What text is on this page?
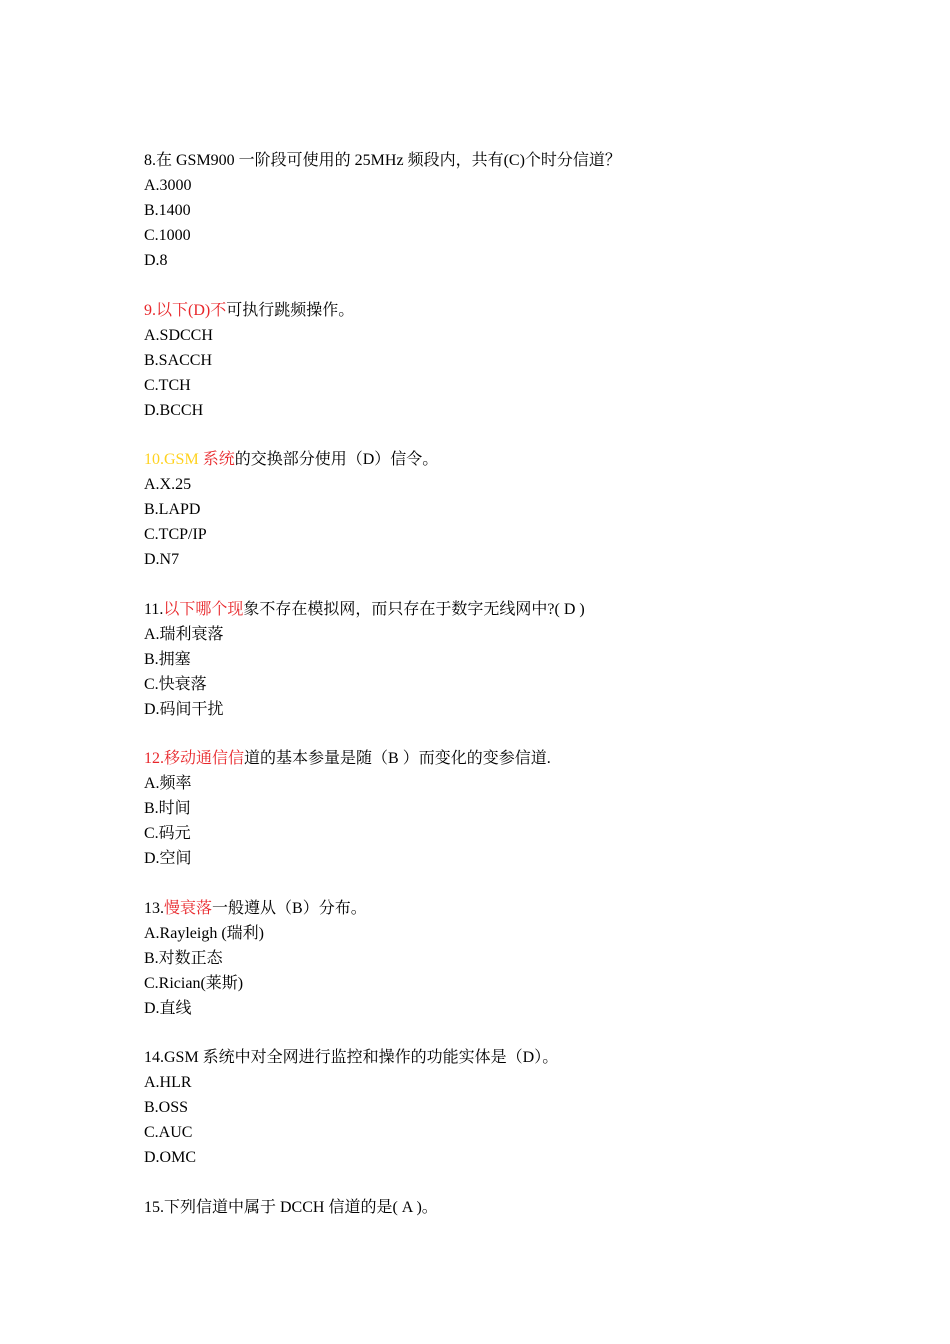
8.在 GSM900 一阶段可使用的 25MHz 频段内，共有(C)个时分信道？
A.3000
B.1400
C.1000
D.8
9.以下(D)不可执行跳频操作。
A.SDCCH
B.SACCH
C.TCH
D.BCCH
10.GSM 系统的交换部分使用（D）信令。
A.X.25
B.LAPD
C.TCP/IP
D.N7
11.以下哪个现象不存在模拟网，而只存在于数字无线网中?( D )
A.瑞利衰落
B.拥塞
C.快衰落
D.码间干扰
12.移动通信信道的基本参量是随（B ）而变化的变参信道.
A.频率
B.时间
C.码元
D.空间
13.慢衰落一般遵从（B）分布。
A.Rayleigh (瑞利)
B.对数正态
C.Rician(莱斯)
D.直线
14.GSM 系统中对全网进行监控和操作的功能实体是（D）。
A.HLR
B.OSS
C.AUC
D.OMC
15.下列信道中属于 DCCH 信道的是( A )。
